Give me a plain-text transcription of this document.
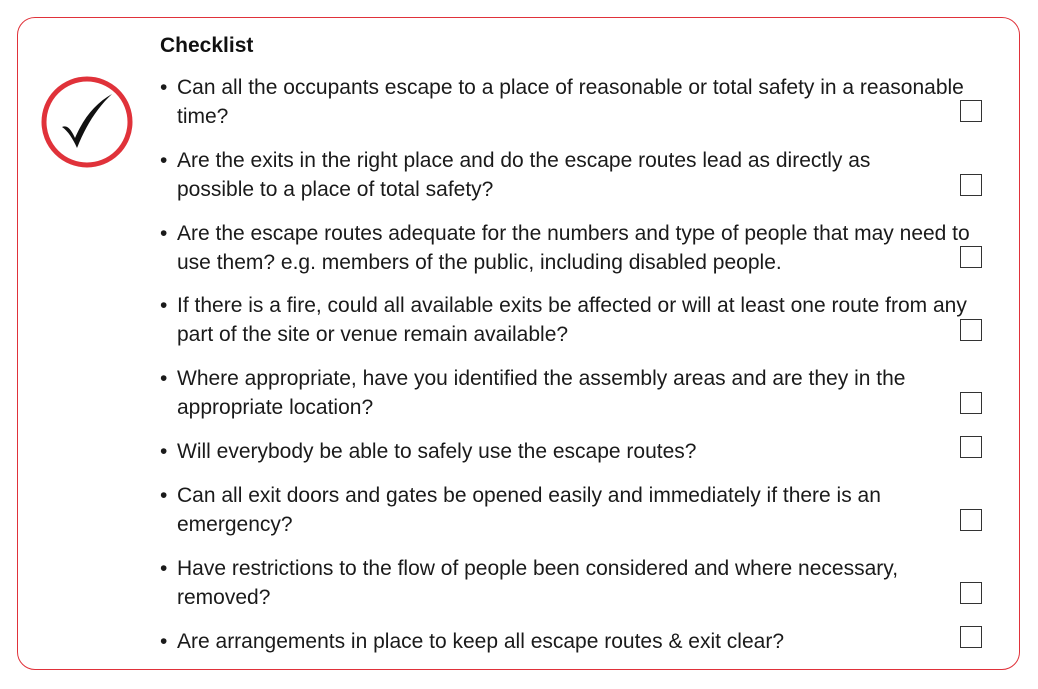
Checklist
• Can all the occupants escape to a place of reasonable or total safety in a reasonable time?
• Are the exits in the right place and do the escape routes lead as directly as possible to a place of total safety?
• Are the escape routes adequate for the numbers and type of people that may need to use them? e.g. members of the public, including disabled people.
• If there is a fire, could all available exits be affected or will at least one route from any part of the site or venue remain available?
• Where appropriate, have you identified the assembly areas and are they in the appropriate location?
• Will everybody be able to safely use the escape routes?
• Can all exit doors and gates be opened easily and immediately if there is an emergency?
• Have restrictions to the flow of people been considered and where necessary, removed?
• Are arrangements in place to keep all escape routes & exit clear?
